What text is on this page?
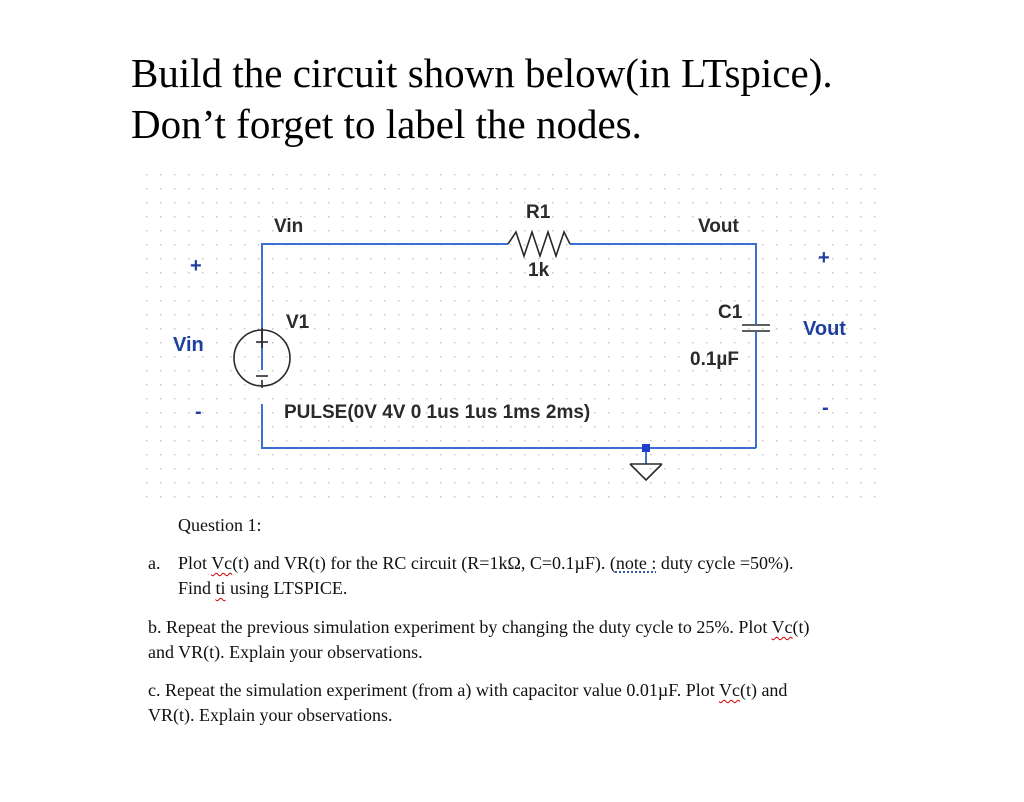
Build the circuit shown below(in LTspice).
Don’t forget to label the nodes.
Vin	Vout
R1
1k
C1
0.1µF
V1
PULSE(0V 4V 0 1us 1us 1ms 2ms)
+
Vin
-
+
Vout
-
Question 1:
a. Plot Vc(t) and VR(t) for the RC circuit (R=1kΩ, C=0.1µF). (note : duty cycle =50%).
Find ti using LTSPICE.
b. Repeat the previous simulation experiment by changing the duty cycle to 25%. Plot Vc(t)
and VR(t). Explain your observations.
c. Repeat the simulation experiment (from a) with capacitor value 0.01µF. Plot Vc(t) and
VR(t). Explain your observations.
